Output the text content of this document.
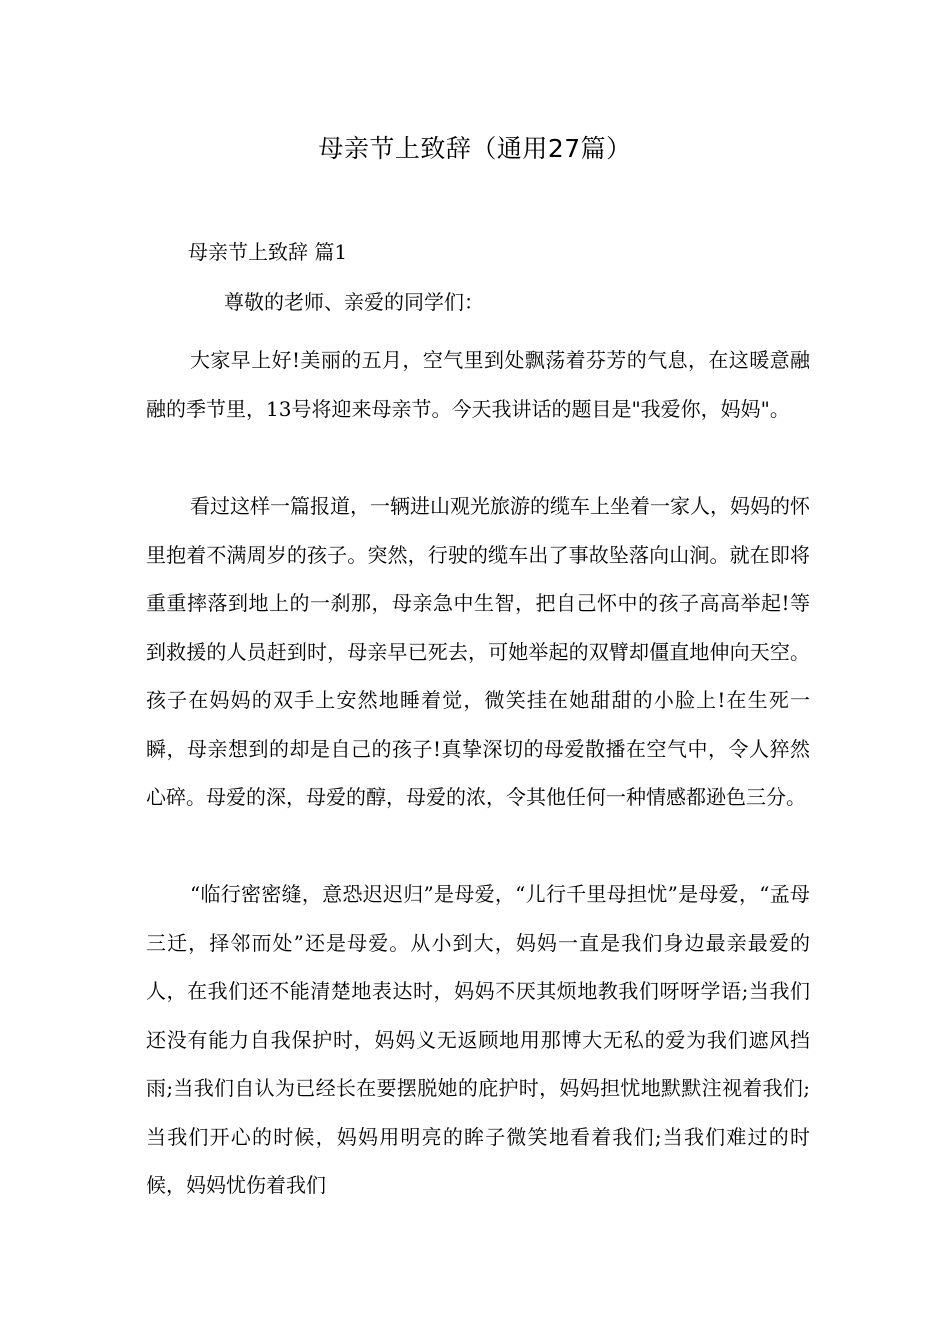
母亲节上致辞（通用27篇）
母亲节上致辞 篇1
尊敬的老师、亲爱的同学们：

大家早上好!美丽的五月，空气里到处飘荡着芬芳的气息，在这暖意融融的季节里，13号将迎来母亲节。今天我讲话的题目是"我爱你，妈妈"。

看过这样一篇报道，一辆进山观光旅游的缆车上坐着一家人，妈妈的怀里抱着不满周岁的孩子。突然，行驶的缆车出了事故坠落向山涧。就在即将重重摔落到地上的一刹那，母亲急中生智，把自己怀中的孩子高高举起!等到救援的人员赶到时，母亲早已死去，可她举起的双臂却僵直地伸向天空。孩子在妈妈的双手上安然地睡着觉，微笑挂在她甜甜的小脸上!在生死一瞬，母亲想到的却是自己的孩子!真挚深切的母爱散播在空气中，令人猝然心碎。母爱的深，母爱的醇，母爱的浓，令其他任何一种情感都逊色三分。

“临行密密缝，意恐迟迟归”是母爱，“儿行千里母担忧”是母爱，“孟母三迁，择邻而处”还是母爱。从小到大，妈妈一直是我们身边最亲最爱的人，在我们还不能清楚地表达时，妈妈不厌其烦地教我们呀呀学语;当我们还没有能力自我保护时，妈妈义无返顾地用那博大无私的爱为我们遮风挡雨;当我们自认为已经长在要摆脱她的庇护时，妈妈担忧地默默注视着我们;当我们开心的时候，妈妈用明亮的眸子微笑地看着我们;当我们难过的时候，妈妈忧伤着我们
